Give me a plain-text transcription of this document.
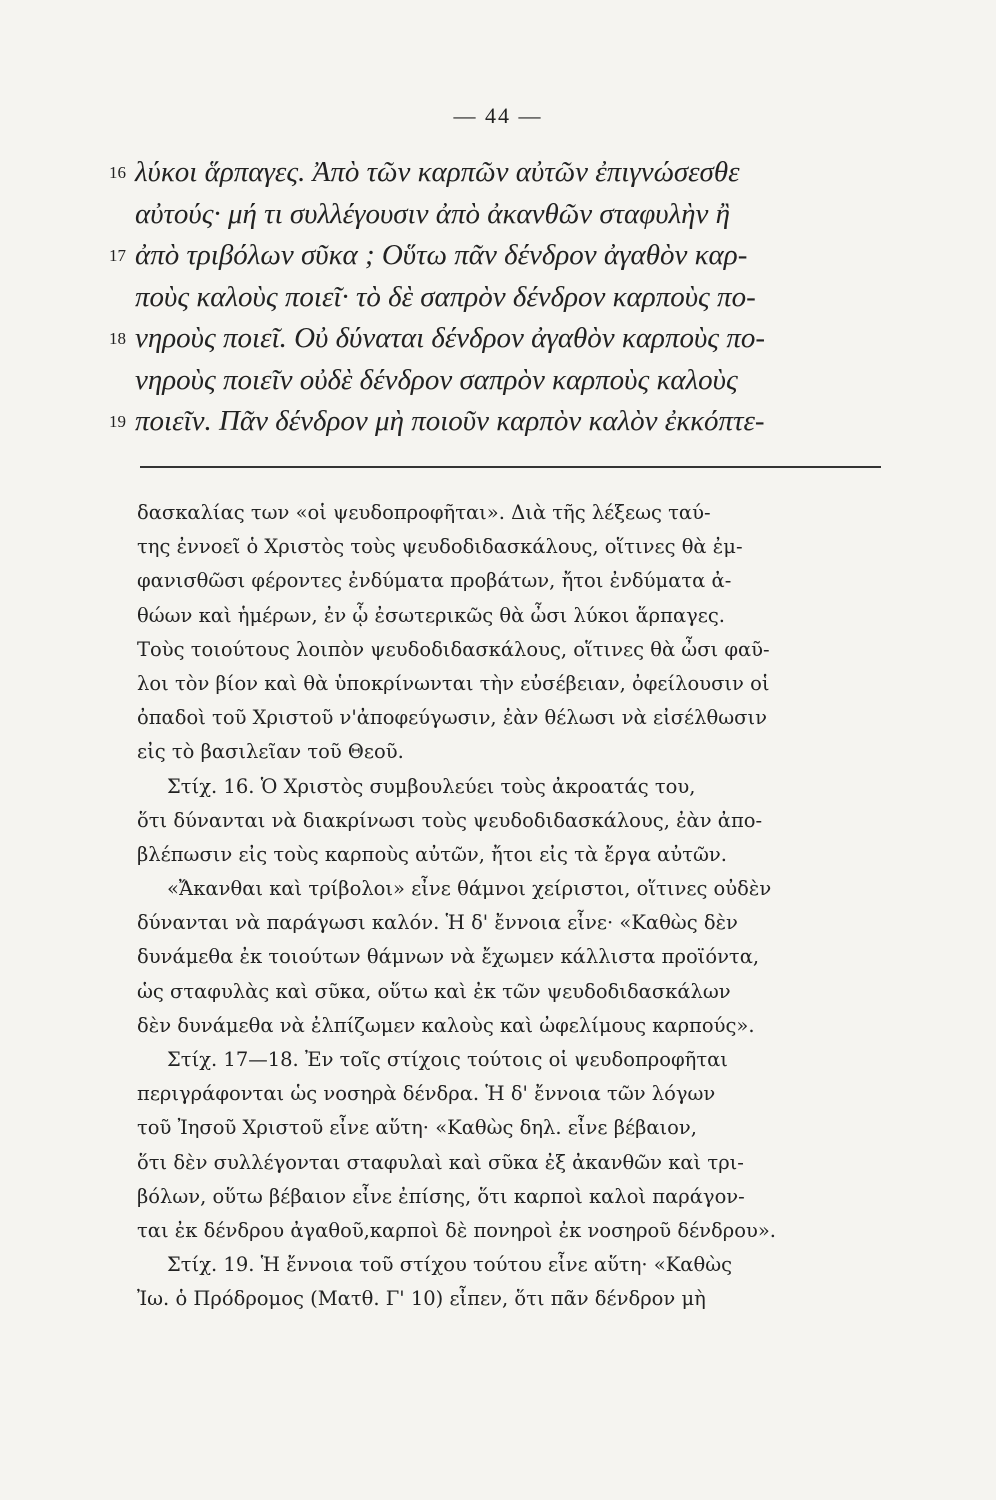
— 44 —
16 λύκοι ἅρπαγες. Ἀπὸ τῶν καρπῶν αὐτῶν ἐπιγνώσεσθε
αὐτούς· μή τι συλλέγουσιν ἀπὸ ἀκανθῶν σταφυλὴν ἢ
17 ἀπὸ τριβόλων σῦκα ; Οὕτω πᾶν δένδρον ἀγαθὸν καρ-
ποὺς καλοὺς ποιεῖ· τὸ δὲ σαπρὸν δένδρον καρποὺς πο-
18 νηροὺς ποιεῖ. Οὐ δύναται δένδρον ἀγαθὸν καρποὺς πο-
νηροὺς ποιεῖν οὐδὲ δένδρον σαπρὸν καρποὺς καλοὺς
19 ποιεῖν. Πᾶν δένδρον μὴ ποιοῦν καρπὸν καλὸν ἐκκόπτε-
δασκαλίας των «οἱ ψευδοπροφῆται». Διὰ τῆς λέξεως ταύ-
της ἐννοεῖ ὁ Χριστὸς τοὺς ψευδοδιδασκάλους, οἵτινες θὰ ἐμ-
φανισθῶσι φέροντες ἐνδύματα προβάτων, ἤτοι ἐνδύματα ἀ-
θώων καὶ ἡμέρων, ἐν ᾧ ἐσωτερικῶς θὰ ὦσι λύκοι ἅρπαγες.
Τοὺς τοιούτους λοιπὸν ψευδοδιδασκάλους, οἵτινες θὰ ὦσι φαῦ-
λοι τὸν βίον καὶ θὰ ὑποκρίνωνται τὴν εὐσέβειαν, ὀφείλουσιν οἱ
ὀπαδοὶ τοῦ Χριστοῦ ν'ἀποφεύγωσιν, ἐὰν θέλωσι νὰ εἰσέλθωσιν
εἰς τὸ βασιλεῖαν τοῦ Θεοῦ.
Στίχ. 16. Ὁ Χριστὸς συμβουλεύει τοὺς ἀκροατάς του,
ὅτι δύνανται νὰ διακρίνωσι τοὺς ψευδοδιδασκάλους, ἐὰν ἀπο-
βλέπωσιν εἰς τοὺς καρποὺς αὐτῶν, ἤτοι εἰς τὰ ἔργα αὐτῶν.
«Ἄκανθαι καὶ τρίβολοι» εἶνε θάμνοι χείριστοι, οἵτινες οὐδὲν
δύνανται νὰ παράγωσι καλόν. Ἡ δ' ἔννοια εἶνε· «Καθὼς δὲν
δυνάμεθα ἐκ τοιούτων θάμνων νὰ ἔχωμεν κάλλιστα προϊόντα,
ὡς σταφυλὰς καὶ σῦκα, οὕτω καὶ ἐκ τῶν ψευδοδιδασκάλων
δὲν δυνάμεθα νὰ ἐλπίζωμεν καλοὺς καὶ ὠφελίμους καρπούς».
Στίχ. 17—18. Ἐν τοῖς στίχοις τούτοις οἱ ψευδοπροφῆται
περιγράφονται ὡς νοσηρὰ δένδρα. Ἡ δ' ἔννοια τῶν λόγων
τοῦ Ἰησοῦ Χριστοῦ εἶνε αὕτη· «Καθὼς δηλ. εἶνε βέβαιον,
ὅτι δὲν συλλέγονται σταφυλαὶ καὶ σῦκα ἐξ ἀκανθῶν καὶ τρι-
βόλων, οὕτω βέβαιον εἶνε ἐπίσης, ὅτι καρποὶ καλοὶ παράγον-
ται ἐκ δένδρου ἀγαθοῦ,καρποὶ δὲ πονηροὶ ἐκ νοσηροῦ δένδρου».
Στίχ. 19. Ἡ ἔννοια τοῦ στίχου τούτου εἶνε αὕτη· «Καθὼς
Ἰω. ὁ Πρόδρομος (Ματθ. Γ' 10) εἶπεν, ὅτι πᾶν δένδρον μὴ
